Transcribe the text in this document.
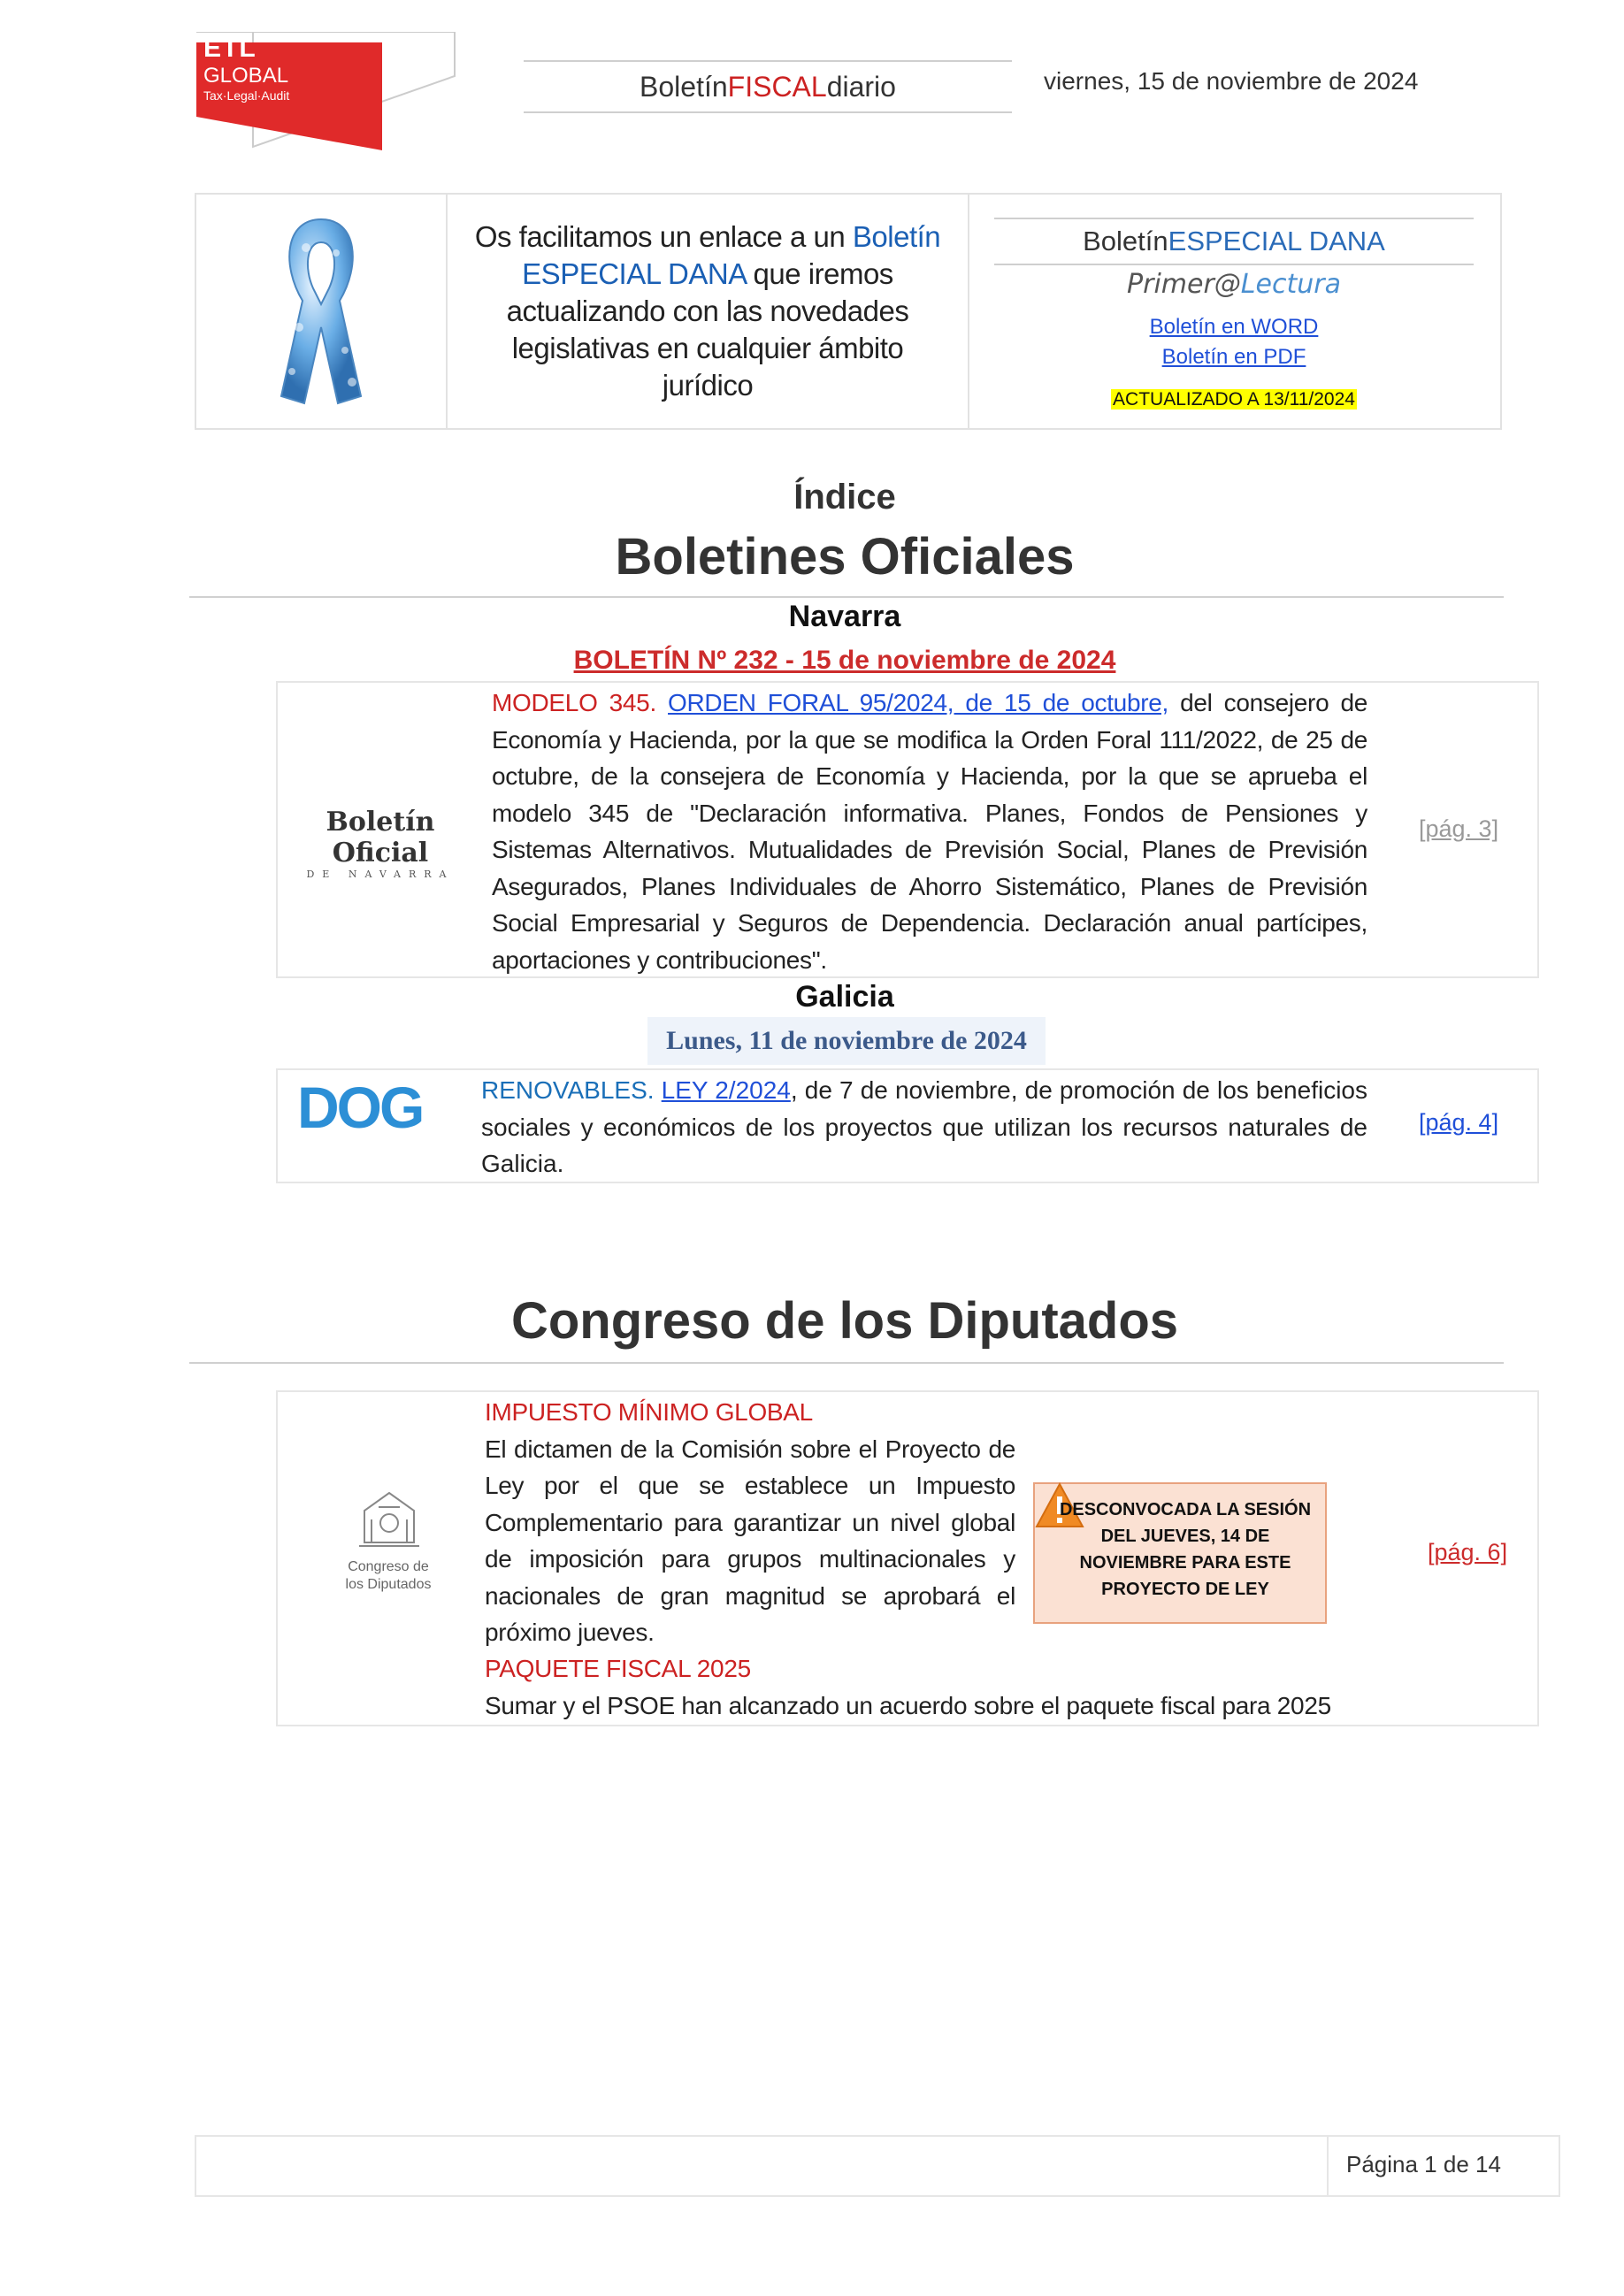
ETL
GLOBAL
Tax·Legal·Audit	Boletín FISCAL diario	viernes, 15 de noviembre de 2024
Os facilitamos un enlace a un Boletín ESPECIAL DANA que iremos actualizando con las novedades legislativas en cualquier ámbito jurídico
Boletín ESPECIAL DANA
Primer@Lectura
Boletín en WORD
Boletín en PDF
ACTUALIZADO A 13/11/2024
Índice
Boletines Oficiales
Navarra
BOLETÍN Nº 232 - 15 de noviembre de 2024
Boletín Oficial
DE NAVARRA
MODELO 345. ORDEN FORAL 95/2024, de 15 de octubre, del consejero de Economía y Hacienda, por la que se modifica la Orden Foral 111/2022, de 25 de octubre, de la consejera de Economía y Hacienda, por la que se aprueba el modelo 345 de "Declaración informativa. Planes, Fondos de Pensiones y Sistemas Alternativos. Mutualidades de Previsión Social, Planes de Previsión Asegurados, Planes Individuales de Ahorro Sistemático, Planes de Previsión Social Empresarial y Seguros de Dependencia. Declaración anual partícipes, aportaciones y contribuciones".
[pág. 3]
Galicia
Lunes, 11 de noviembre de 2024
DOG RENOVABLES. LEY 2/2024, de 7 de noviembre, de promoción de los beneficios sociales y económicos de los proyectos que utilizan los recursos naturales de Galicia.
[pág. 4]
Congreso de los Diputados
Congreso de
los Diputados
IMPUESTO MÍNIMO GLOBAL
El dictamen de la Comisión sobre el Proyecto de Ley por el que se establece un Impuesto Complementario para garantizar un nivel global de imposición para grupos multinacionales y nacionales de gran magnitud se aprobará el próximo jueves.
PAQUETE FISCAL 2025
Sumar y el PSOE han alcanzado un acuerdo sobre el paquete fiscal para 2025
DESCONVOCADA LA SESIÓN DEL JUEVES, 14 DE NOVIEMBRE PARA ESTE PROYECTO DE LEY
[pág. 6]
Página 1 de 14
